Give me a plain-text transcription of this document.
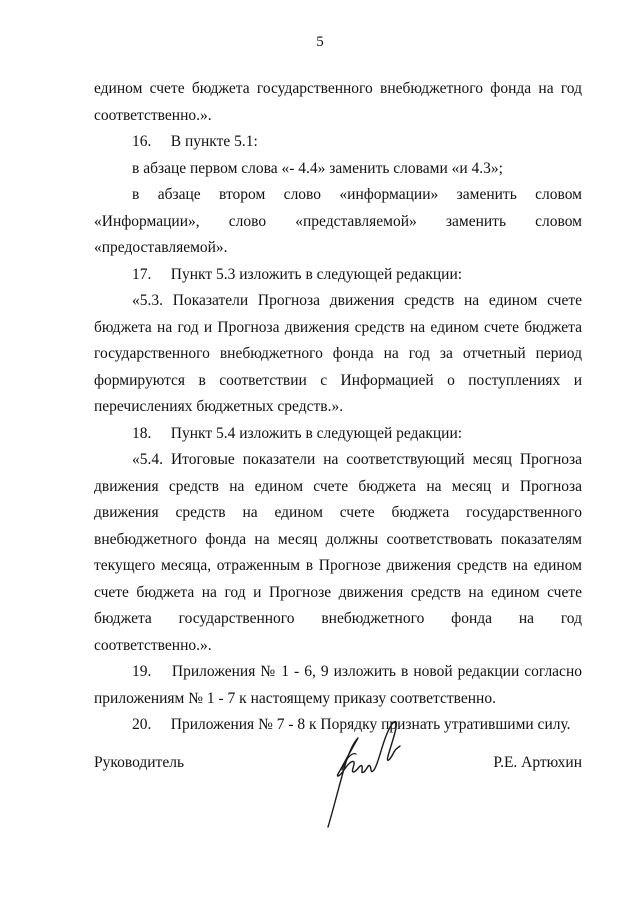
5

едином счете бюджета государственного внебюджетного фонда на год соответственно.».

16.  В пункте 5.1:

в абзаце первом слова «- 4.4» заменить словами «и 4.3»;

в абзаце втором слово «информации» заменить словом «Информации», слово «представляемой» заменить словом «предоставляемой».

17.  Пункт 5.3 изложить в следующей редакции:

«5.3. Показатели Прогноза движения средств на едином счете бюджета на год и Прогноза движения средств на едином счете бюджета государственного внебюджетного фонда на год за отчетный период формируются в соответствии с Информацией о поступлениях и перечислениях бюджетных средств.».

18.  Пункт 5.4 изложить в следующей редакции:

«5.4. Итоговые показатели на соответствующий месяц Прогноза движения средств на едином счете бюджета на месяц и Прогноза движения средств на едином счете бюджета государственного внебюджетного фонда на месяц должны соответствовать показателям текущего месяца, отраженным в Прогнозе движения средств на едином счете бюджета на год и Прогнозе движения средств на едином счете бюджета государственного внебюджетного фонда на год соответственно.».

19.  Приложения № 1 - 6, 9 изложить в новой редакции согласно приложениям № 1 - 7 к настоящему приказу соответственно.

20.  Приложения № 7 - 8 к Порядку признать утратившими силу.

Руководитель	Р.Е. Артюхин
